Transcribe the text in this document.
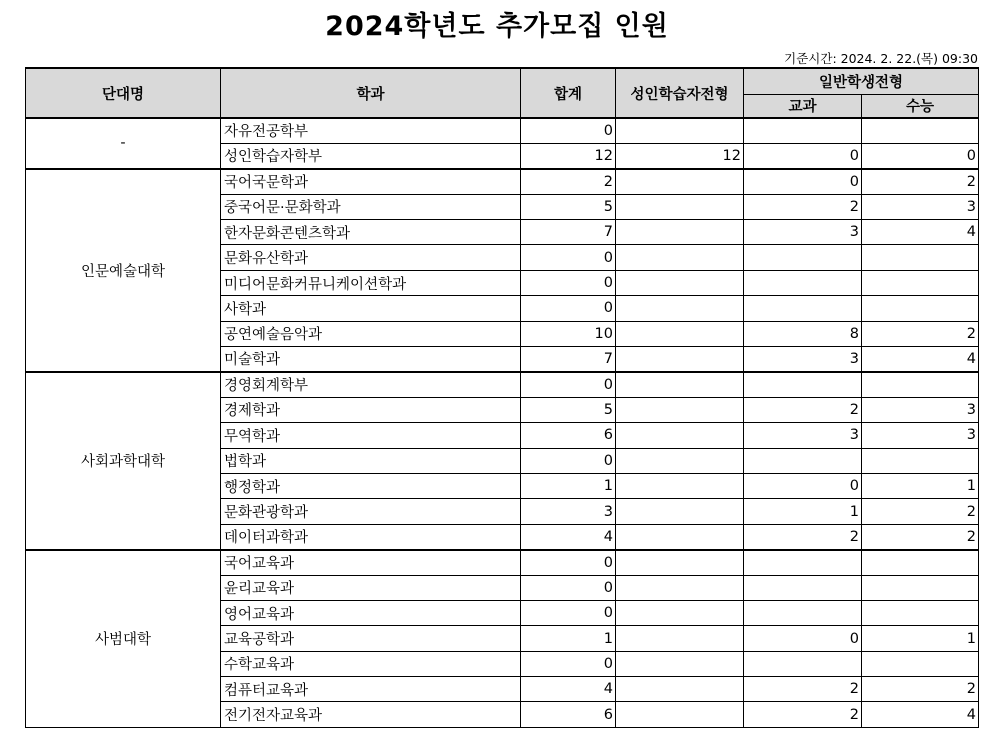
2024학년도 추가모집 인원
기준시간: 2024. 2. 22.(목) 09:30
단대명	학과	합계	성인학습자전형	일반학생전형	
				교과	수능
-	자유전공학부	0			
	성인학습자학부	12	12	0	0
인문예술대학	국어국문학과	2		0	2
	중국어문·문화학과	5		2	3
	한자문화콘텐츠학과	7		3	4
	문화유산학과	0			
	미디어문화커뮤니케이션학과	0			
	사학과	0			
	공연예술음악과	10		8	2
	미술학과	7		3	4
사회과학대학	경영회계학부	0			
	경제학과	5		2	3
	무역학과	6		3	3
	법학과	0			
	행정학과	1		0	1
	문화관광학과	3		1	2
	데이터과학과	4		2	2
사범대학	국어교육과	0			
	윤리교육과	0			
	영어교육과	0			
	교육공학과	1		0	1
	수학교육과	0			
	컴퓨터교육과	4		2	2
	전기전자교육과	6		2	4
